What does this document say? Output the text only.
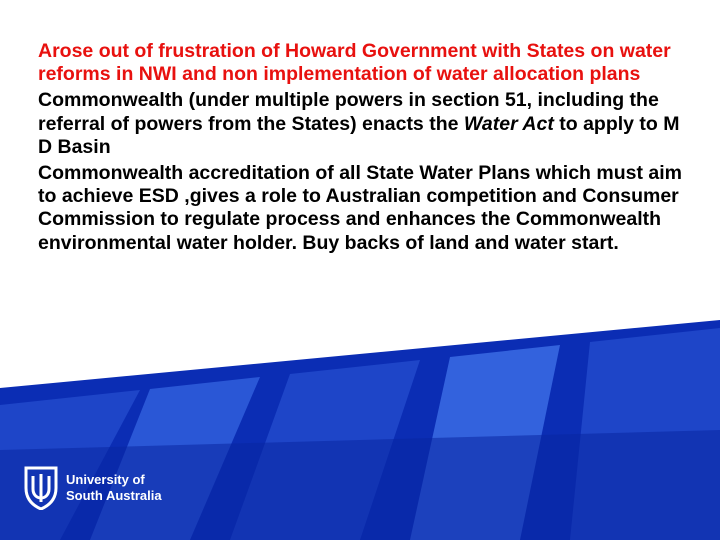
Arose out of frustration of Howard Government with States on water reforms in NWI and non implementation of water allocation plans

Commonwealth (under multiple powers in section 51, including the referral of powers from the States) enacts the Water Act to apply to M D Basin

Commonwealth accreditation of all State Water Plans which must aim to achieve ESD ,gives a role to Australian competition and Consumer Commission to regulate process and enhances the Commonwealth environmental water holder. Buy backs of land and water start.

University of
South Australia
